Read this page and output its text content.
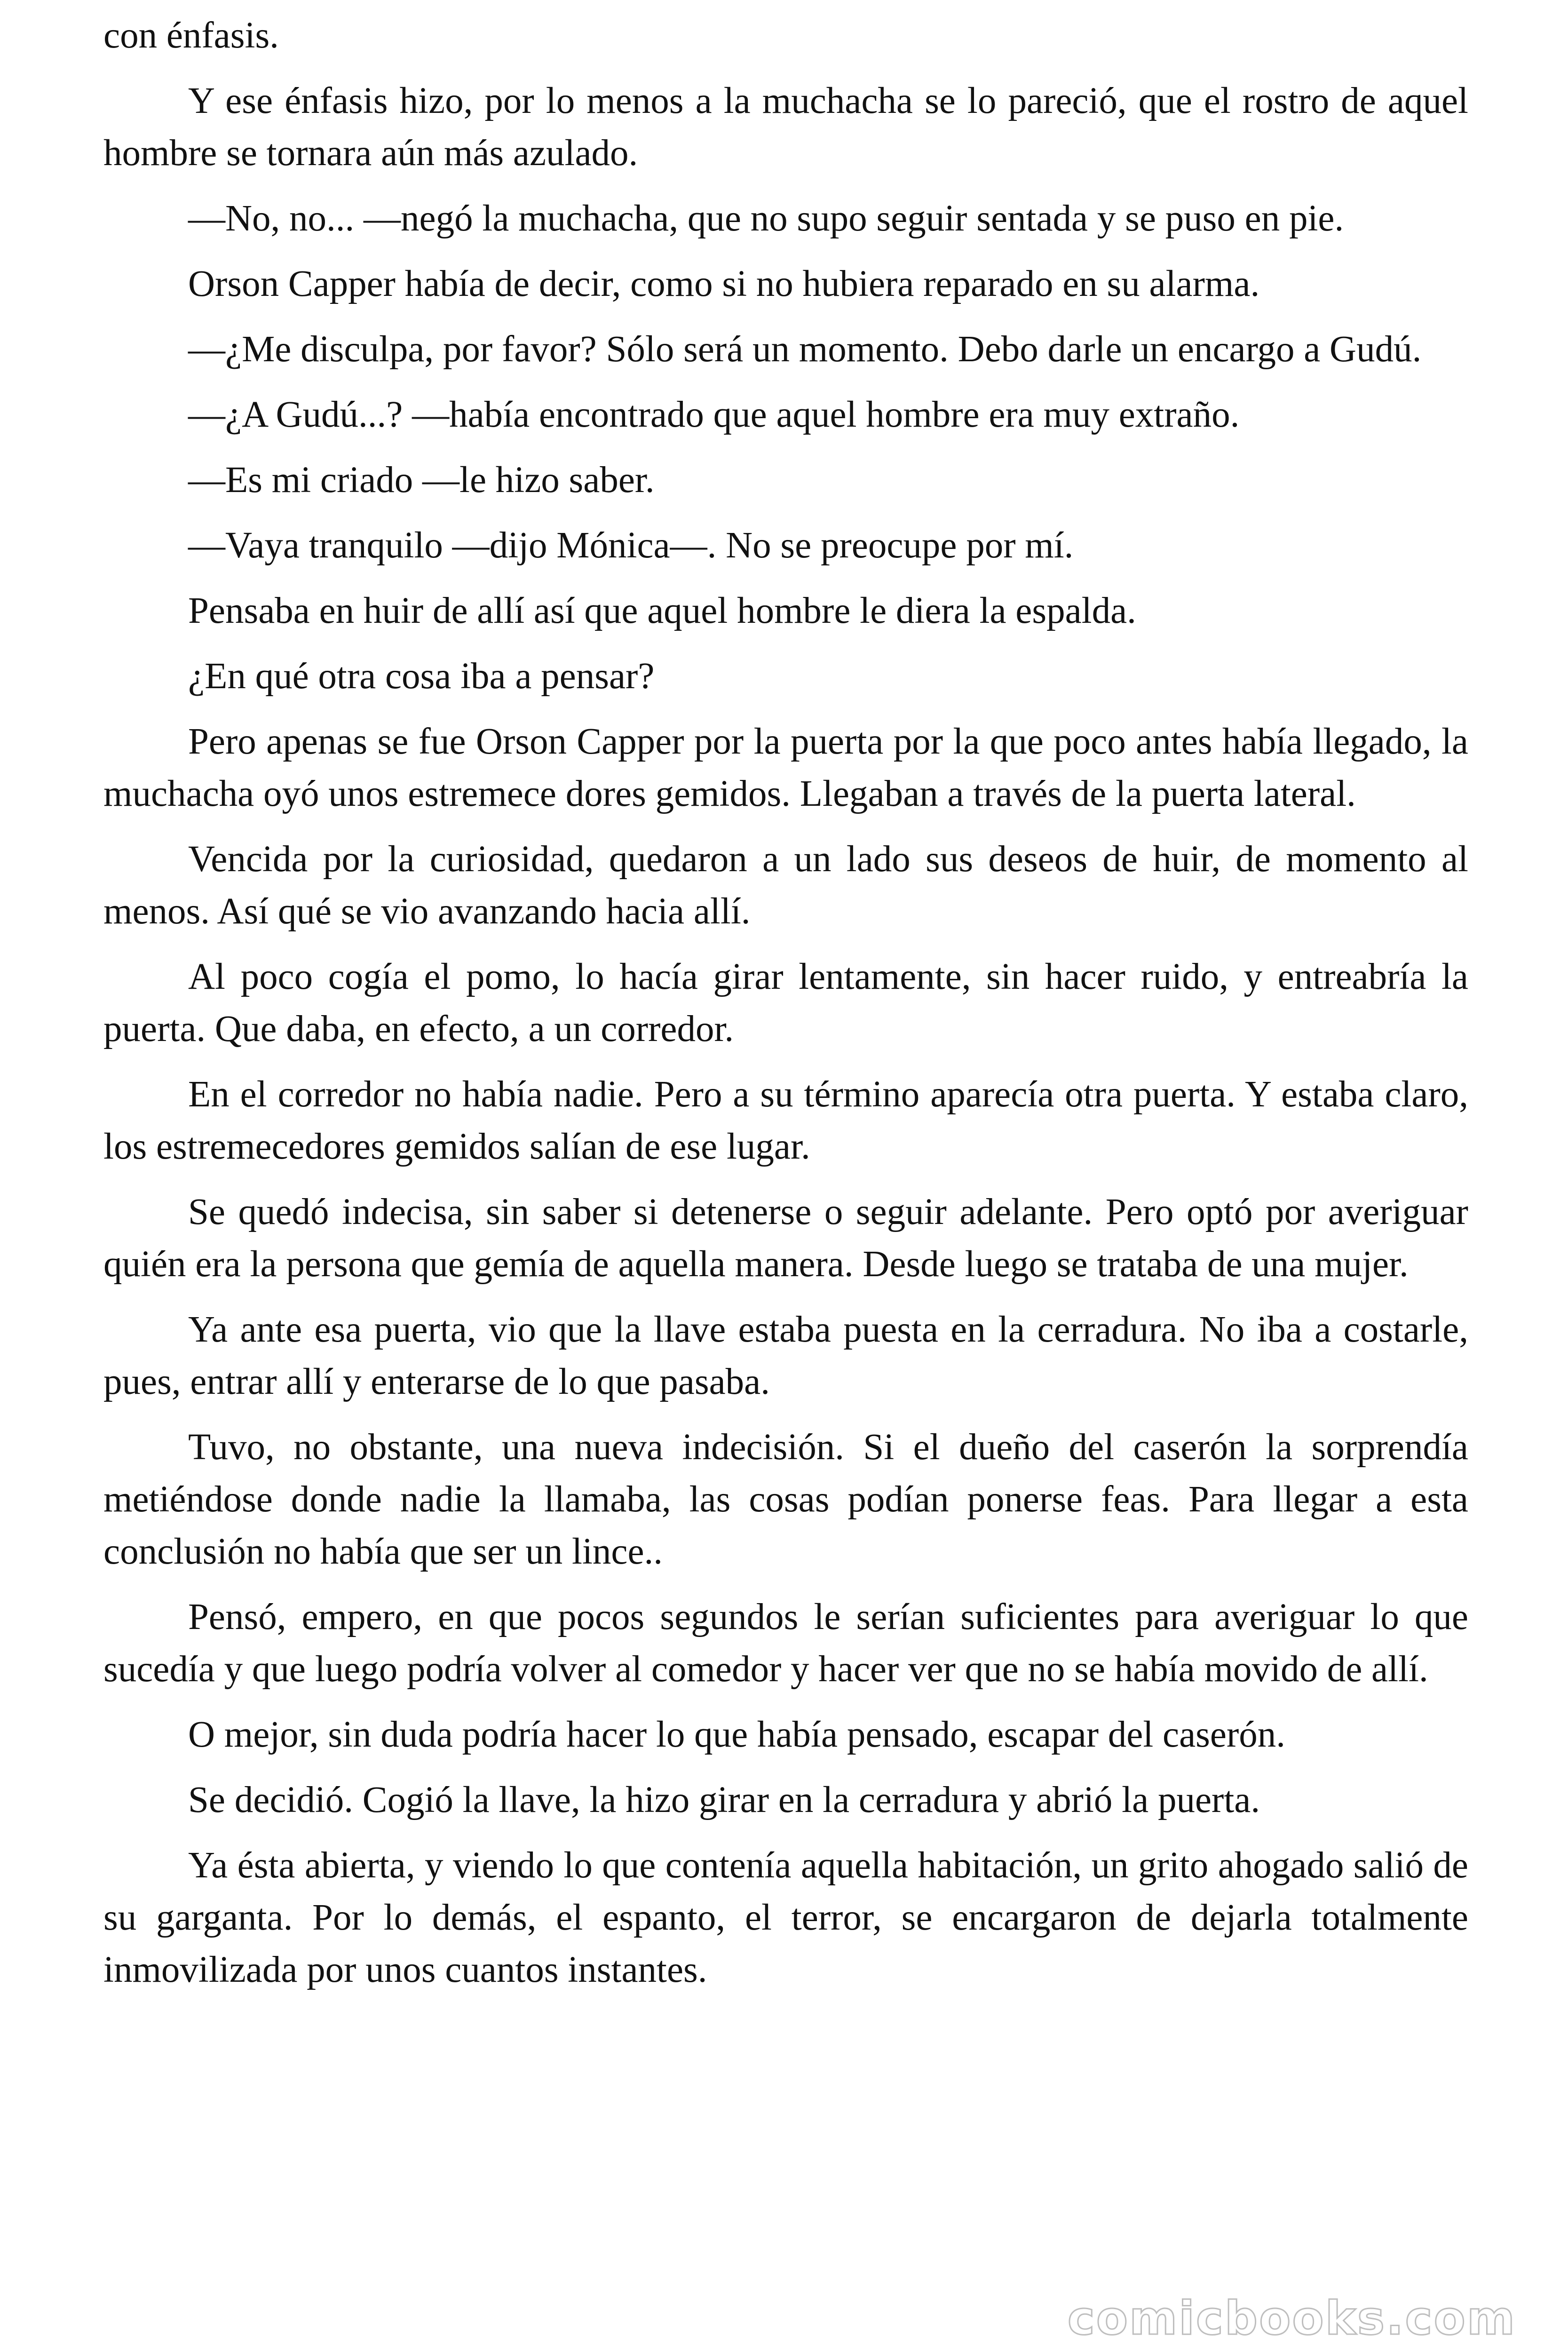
con énfasis.

Y ese énfasis hizo, por lo menos a la muchacha se lo pareció, que el rostro de aquel hombre se tornara aún más azulado.

—No, no... —negó la muchacha, que no supo seguir sentada y se puso en pie.

Orson Capper había de decir, como si no hubiera reparado en su alarma.

—¿Me disculpa, por favor? Sólo será un momento. Debo darle un encargo a Gudú.

—¿A Gudú...? —había encontrado que aquel hombre era muy extraño.

—Es mi criado —le hizo saber.

—Vaya tranquilo —dijo Mónica—. No se preocupe por mí.

Pensaba en huir de allí así que aquel hombre le diera la espalda.

¿En qué otra cosa iba a pensar?

Pero apenas se fue Orson Capper por la puerta por la que poco antes había llegado, la muchacha oyó unos estremece dores gemidos. Llegaban a través de la puerta lateral.

Vencida por la curiosidad, quedaron a un lado sus deseos de huir, de momento al menos. Así qué se vio avanzando hacia allí.

Al poco cogía el pomo, lo hacía girar lentamente, sin hacer ruido, y entreabría la puerta. Que daba, en efecto, a un corredor.

En el corredor no había nadie. Pero a su término aparecía otra puerta. Y estaba claro, los estremecedores gemidos salían de ese lugar.

Se quedó indecisa, sin saber si detenerse o seguir adelante. Pero optó por averiguar quién era la persona que gemía de aquella manera. Desde luego se trataba de una mujer.

Ya ante esa puerta, vio que la llave estaba puesta en la cerradura. No iba a costarle, pues, entrar allí y enterarse de lo que pasaba.

Tuvo, no obstante, una nueva indecisión. Si el dueño del caserón la sorprendía metiéndose donde nadie la llamaba, las cosas podían ponerse feas. Para llegar a esta conclusión no había que ser un lince..

Pensó, empero, en que pocos segundos le serían suficientes para averiguar lo que sucedía y que luego podría volver al comedor y hacer ver que no se había movido de allí.

O mejor, sin duda podría hacer lo que había pensado, escapar del caserón.

Se decidió. Cogió la llave, la hizo girar en la cerradura y abrió la puerta.

Ya ésta abierta, y viendo lo que contenía aquella habitación, un grito ahogado salió de su garganta. Por lo demás, el espanto, el terror, se encargaron de dejarla totalmente inmovilizada por unos cuantos instantes.

comicbooks.com
